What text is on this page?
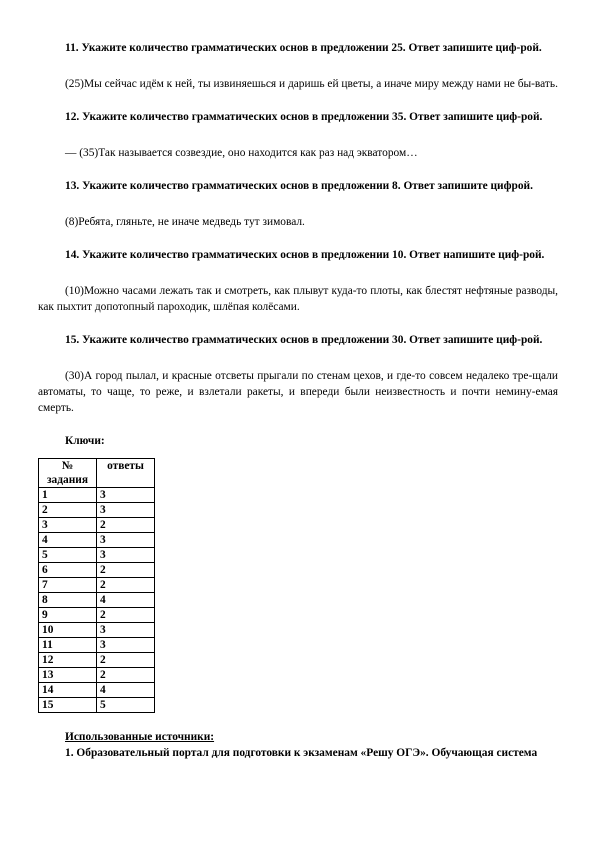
11. Укажите количество грамматических основ в предложении 25. Ответ запишите циф-рой.

(25)Мы сейчас идём к ней, ты извиняешься и даришь ей цветы, а иначе миру между нами не бы-вать.

12. Укажите количество грамматических основ в предложении 35. Ответ запишите циф-рой.

— (35)Так называется созвездие, оно находится как раз над экватором…

13. Укажите количество грамматических основ в предложении 8. Ответ запишите цифрой.

(8)Ребята, гляньте, не иначе медведь тут зимовал.

14. Укажите количество грамматических основ в предложении 10. Ответ напишите циф-рой.

(10)Можно часами лежать так и смотреть, как плывут куда-то плоты, как блестят нефтяные разводы, как пыхтит допотопный пароходик, шлёпая колёсами.

15. Укажите количество грамматических основ в предложении 30. Ответ запишите циф-рой.

(30)А город пылал, и красные отсветы прыгали по стенам цехов, и где-то совсем недалеко тре-щали автоматы, то чаще, то реже, и взлетали ракеты, и впереди были неизвестность и почти немину-емая смерть.

Ключи:

№ задания	ответы
1	3
2	3
3	2
4	3
5	3
6	2
7	2
8	4
9	2
10	3
11	3
12	2
13	2
14	4
15	5

Использованные источники:

1. Образовательный портал для подготовки к экзаменам «Решу ОГЭ». Обучающая система
